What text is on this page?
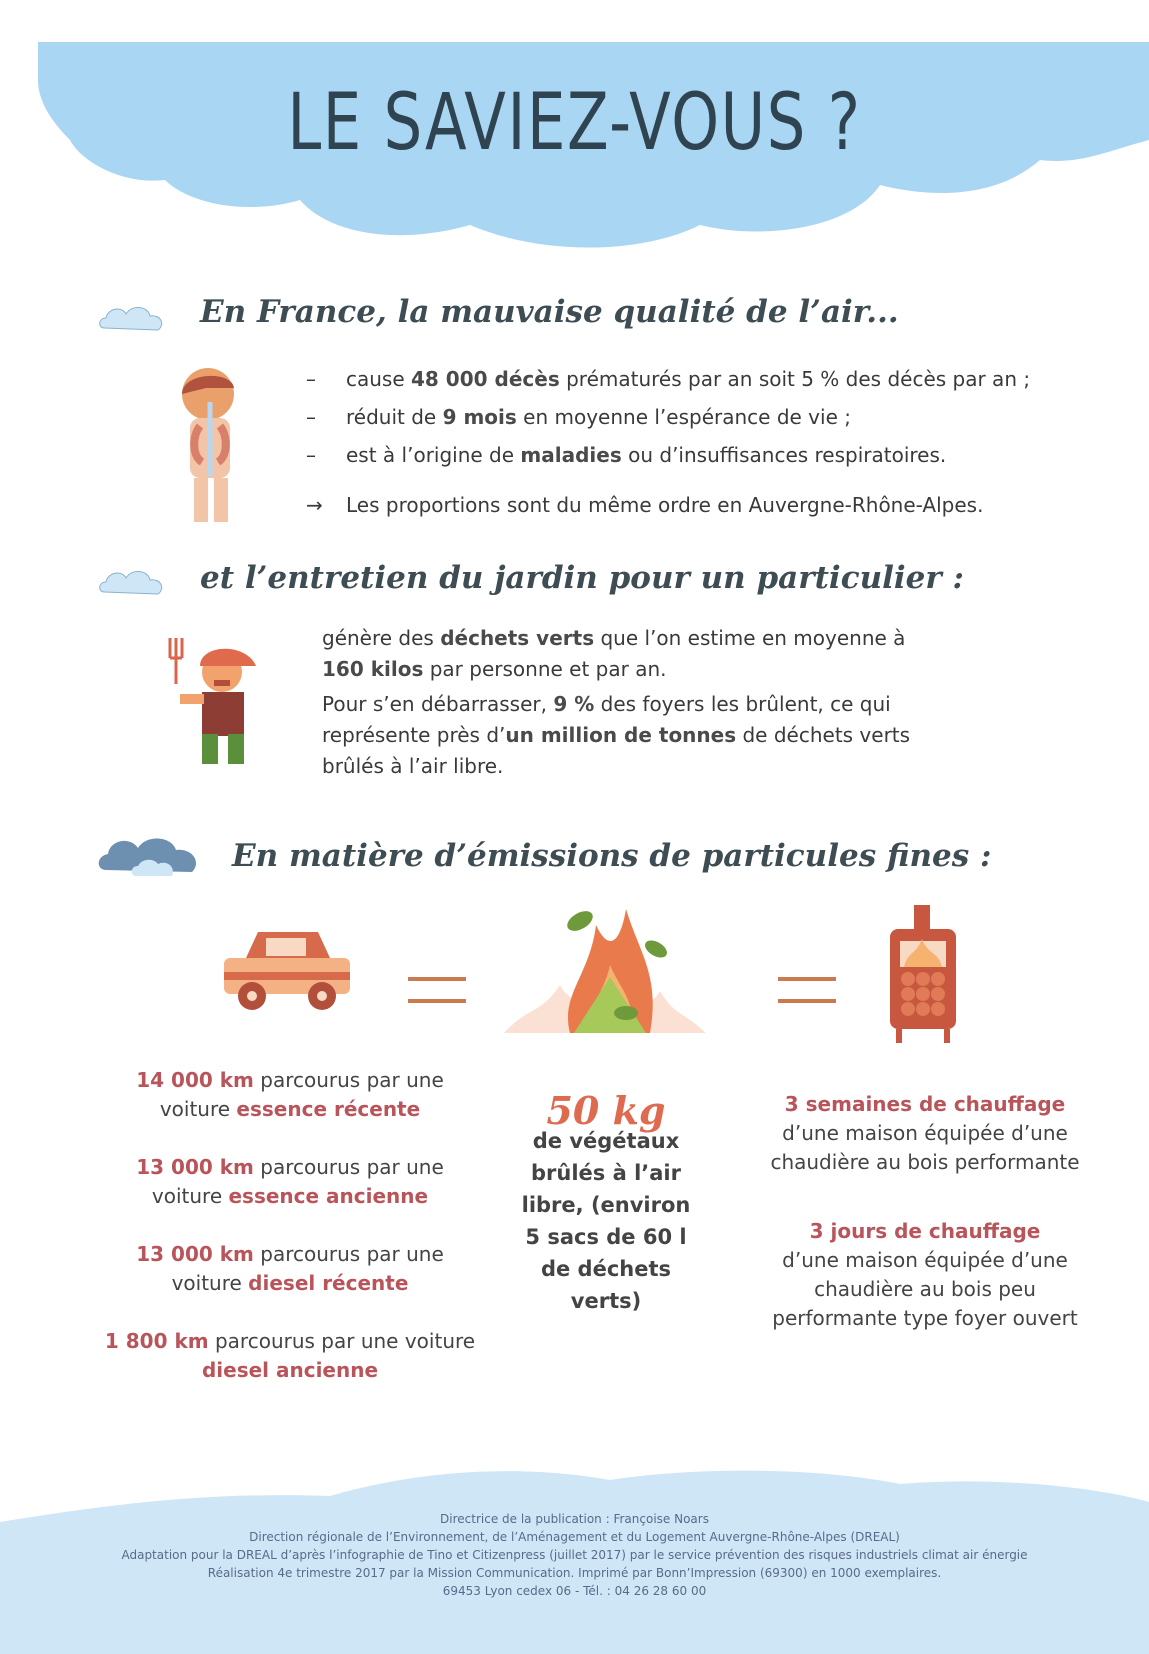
LE SAVIEZ-VOUS ?
En France, la mauvaise qualité de l’air...
– cause 48 000 décès prématurés par an soit 5 % des décès par an ;
– réduit de 9 mois en moyenne l’espérance de vie ;
– est à l’origine de maladies ou d’insuffisances respiratoires.
→ Les proportions sont du même ordre en Auvergne-Rhône-Alpes.
et l’entretien du jardin pour un particulier :

génère des déchets verts que l’on estime en moyenne à 160 kilos par personne et par an.

Pour s’en débarrasser, 9 % des foyers les brûlent, ce qui représente près d’un million de tonnes de déchets verts brûlés à l’air libre.

En matière d’émissions de particules fines :
14 000 km parcourus par une voiture essence récente
13 000 km parcourus par une voiture essence ancienne
13 000 km parcourus par une voiture diesel récente
1 800 km parcourus par une voiture diesel ancienne
50 kg
de végétaux brûlés à l’air libre, (environ 5 sacs de 60 l de déchets verts)
3 semaines de chauffage
d’une maison équipée d’une chaudière au bois performante
3 jours de chauffage
d’une maison équipée d’une chaudière au bois peu performante type foyer ouvert
Directrice de la publication : Françoise Noars
Direction régionale de l’Environnement, de l’Aménagement et du Logement Auvergne-Rhône-Alpes (DREAL)
Adaptation pour la DREAL d’après l’infographie de Tino et Citizenpress (juillet 2017) par le service prévention des risques industriels climat air énergie
Réalisation 4e trimestre 2017 par la Mission Communication. Imprimé par Bonn’Impression (69300) en 1000 exemplaires.
69453 Lyon cedex 06 - Tél. : 04 26 28 60 00
